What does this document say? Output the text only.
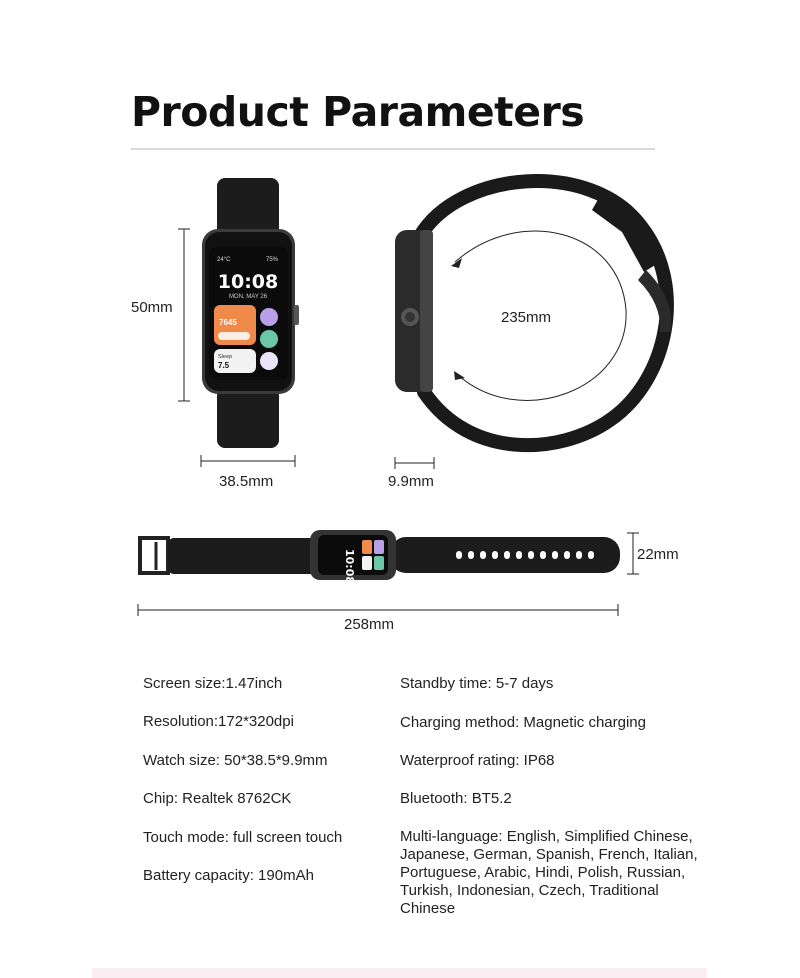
Product Parameters
24°C	75%
10:08
MON, MAY 26
7645
Sleep
7.5
10:08
50mm
38.5mm
235mm
9.9mm
22mm
258mm
Screen size:1.47inch
Resolution:172*320dpi
Watch size: 50*38.5*9.9mm
Chip: Realtek 8762CK
Touch mode: full screen touch
Battery capacity: 190mAh
Standby time: 5-7 days
Charging method: Magnetic charging
Waterproof rating: IP68
Bluetooth: BT5.2
Multi-language: English, Simplified Chinese, Japanese, German, Spanish, French, Italian, Portuguese, Arabic, Hindi, Polish, Russian, Turkish, Indonesian, Czech, Traditional Chinese
